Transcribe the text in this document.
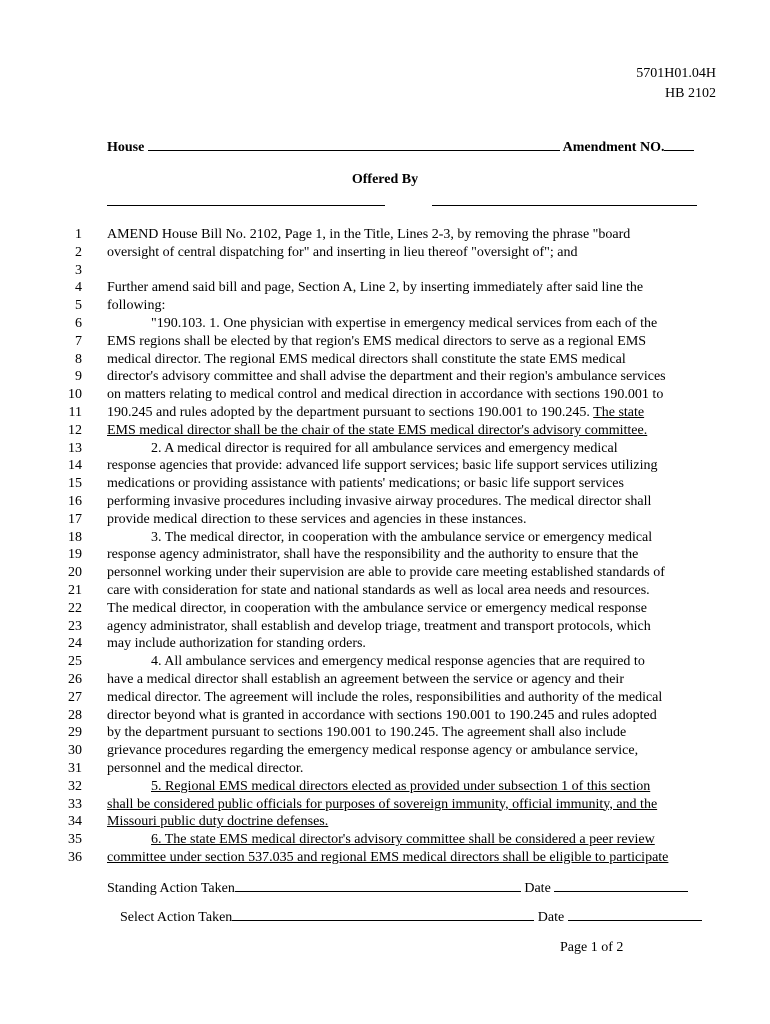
5701H01.04H
HB 2102
House	Amendment NO.
Offered By
1 AMEND House Bill No. 2102, Page 1, in the Title, Lines 2-3, by removing the phrase "board
2 oversight of central dispatching for" and inserting in lieu thereof "oversight of"; and
3
4 Further amend said bill and page, Section A, Line 2, by inserting immediately after said line the
5 following:
6	"190.103. 1. One physician with expertise in emergency medical services from each of the
7 EMS regions shall be elected by that region's EMS medical directors to serve as a regional EMS
8 medical director. The regional EMS medical directors shall constitute the state EMS medical
9 director's advisory committee and shall advise the department and their region's ambulance services
10 on matters relating to medical control and medical direction in accordance with sections 190.001 to
11 190.245 and rules adopted by the department pursuant to sections 190.001 to 190.245. The state
12 EMS medical director shall be the chair of the state EMS medical director's advisory committee.
13	2. A medical director is required for all ambulance services and emergency medical
14 response agencies that provide: advanced life support services; basic life support services utilizing
15 medications or providing assistance with patients' medications; or basic life support services
16 performing invasive procedures including invasive airway procedures. The medical director shall
17 provide medical direction to these services and agencies in these instances.
18	3. The medical director, in cooperation with the ambulance service or emergency medical
19 response agency administrator, shall have the responsibility and the authority to ensure that the
20 personnel working under their supervision are able to provide care meeting established standards of
21 care with consideration for state and national standards as well as local area needs and resources.
22 The medical director, in cooperation with the ambulance service or emergency medical response
23 agency administrator, shall establish and develop triage, treatment and transport protocols, which
24 may include authorization for standing orders.
25	4. All ambulance services and emergency medical response agencies that are required to
26 have a medical director shall establish an agreement between the service or agency and their
27 medical director. The agreement will include the roles, responsibilities and authority of the medical
28 director beyond what is granted in accordance with sections 190.001 to 190.245 and rules adopted
29 by the department pursuant to sections 190.001 to 190.245. The agreement shall also include
30 grievance procedures regarding the emergency medical response agency or ambulance service,
31 personnel and the medical director.
32	5. Regional EMS medical directors elected as provided under subsection 1 of this section
33 shall be considered public officials for purposes of sovereign immunity, official immunity, and the
34 Missouri public duty doctrine defenses.
35	6. The state EMS medical director's advisory committee shall be considered a peer review
36 committee under section 537.035 and regional EMS medical directors shall be eligible to participate
Standing Action Taken	Date
Select Action Taken	Date
Page 1 of 2
